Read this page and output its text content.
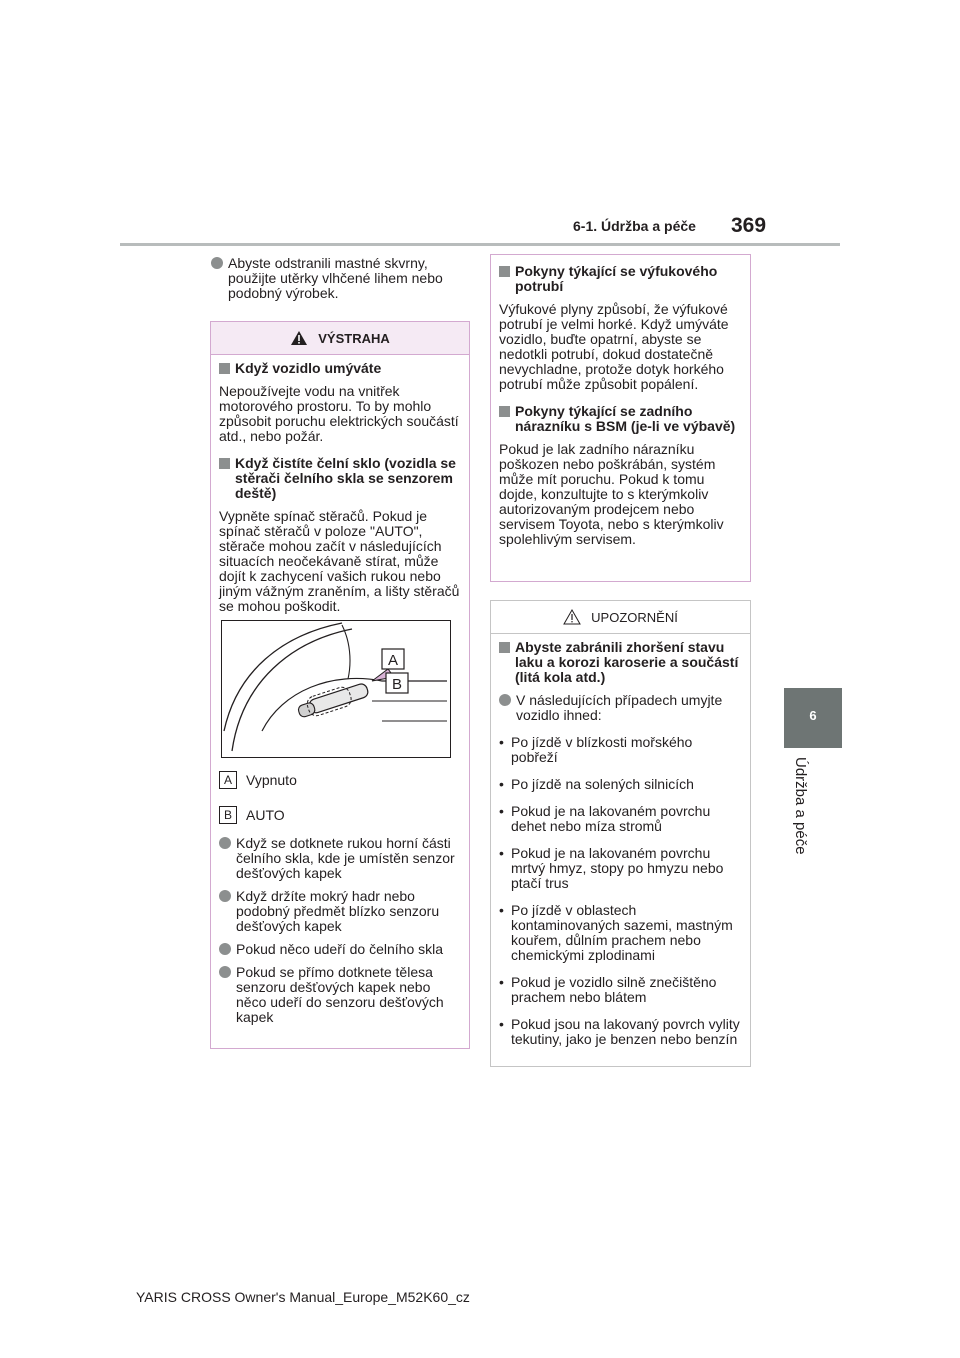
6-1. Údržba a péče 369
6
Údržba a péče

Abyste odstranili mastné skvrny, použijte utěrky vlhčené lihem nebo podobný výrobek.

VÝSTRAHA

Když vozidlo umýváte

Nepoužívejte vodu na vnitřek motorového prostoru. To by mohlo způsobit poruchu elektrických součástí atd., nebo požár.

Když čistíte čelní sklo (vozidla se stěrači čelního skla se senzorem deště)

Vypněte spínač stěračů. Pokud je spínač stěračů v poloze "AUTO", stěrače mohou začít v následujících situacích neočekávaně stírat, může dojít k zachycení vašich rukou nebo jiným vážným zraněním, a lišty stěračů se mohou poškodit.

A
B
A	Vypnuto
B	AUTO

Když se dotknete rukou horní části čelního skla, kde je umístěn senzor dešťových kapek

Když držíte mokrý hadr nebo podobný předmět blízko senzoru dešťových kapek

Pokud něco udeří do čelního skla

Pokud se přímo dotknete tělesa senzoru dešťových kapek nebo něco udeří do senzoru dešťových kapek

Pokyny týkající se výfukového potrubí

Výfukové plyny způsobí, že výfukové potrubí je velmi horké. Když umýváte vozidlo, buďte opatrní, abyste se nedotkli potrubí, dokud dostatečně nevychladne, protože dotyk horkého potrubí může způsobit popálení.

Pokyny týkající se zadního nárazníku s BSM (je-li ve výbavě)

Pokud je lak zadního nárazníku poškozen nebo poškrábán, systém může mít poruchu. Pokud k tomu dojde, konzultujte to s kterýmkoliv autorizovaným prodejcem nebo servisem Toyota, nebo s kterýmkoliv spolehlivým servisem.

UPOZORNĚNÍ

Abyste zabránili zhoršení stavu laku a korozi karoserie a součástí (litá kola atd.)

V následujících případech umyjte vozidlo ihned:

• Po jízdě v blízkosti mořského pobřeží

• Po jízdě na solených silnicích

• Pokud je na lakovaném povrchu dehet nebo míza stromů

• Pokud je na lakovaném povrchu mrtvý hmyz, stopy po hmyzu nebo ptačí trus

• Po jízdě v oblastech kontaminovaných sazemi, mastným kouřem, důlním prachem nebo chemickými zplodinami

• Pokud je vozidlo silně znečištěno prachem nebo blátem

• Pokud jsou na lakovaný povrch vylity tekutiny, jako je benzen nebo benzín

YARIS CROSS Owner's Manual_Europe_M52K60_cz
